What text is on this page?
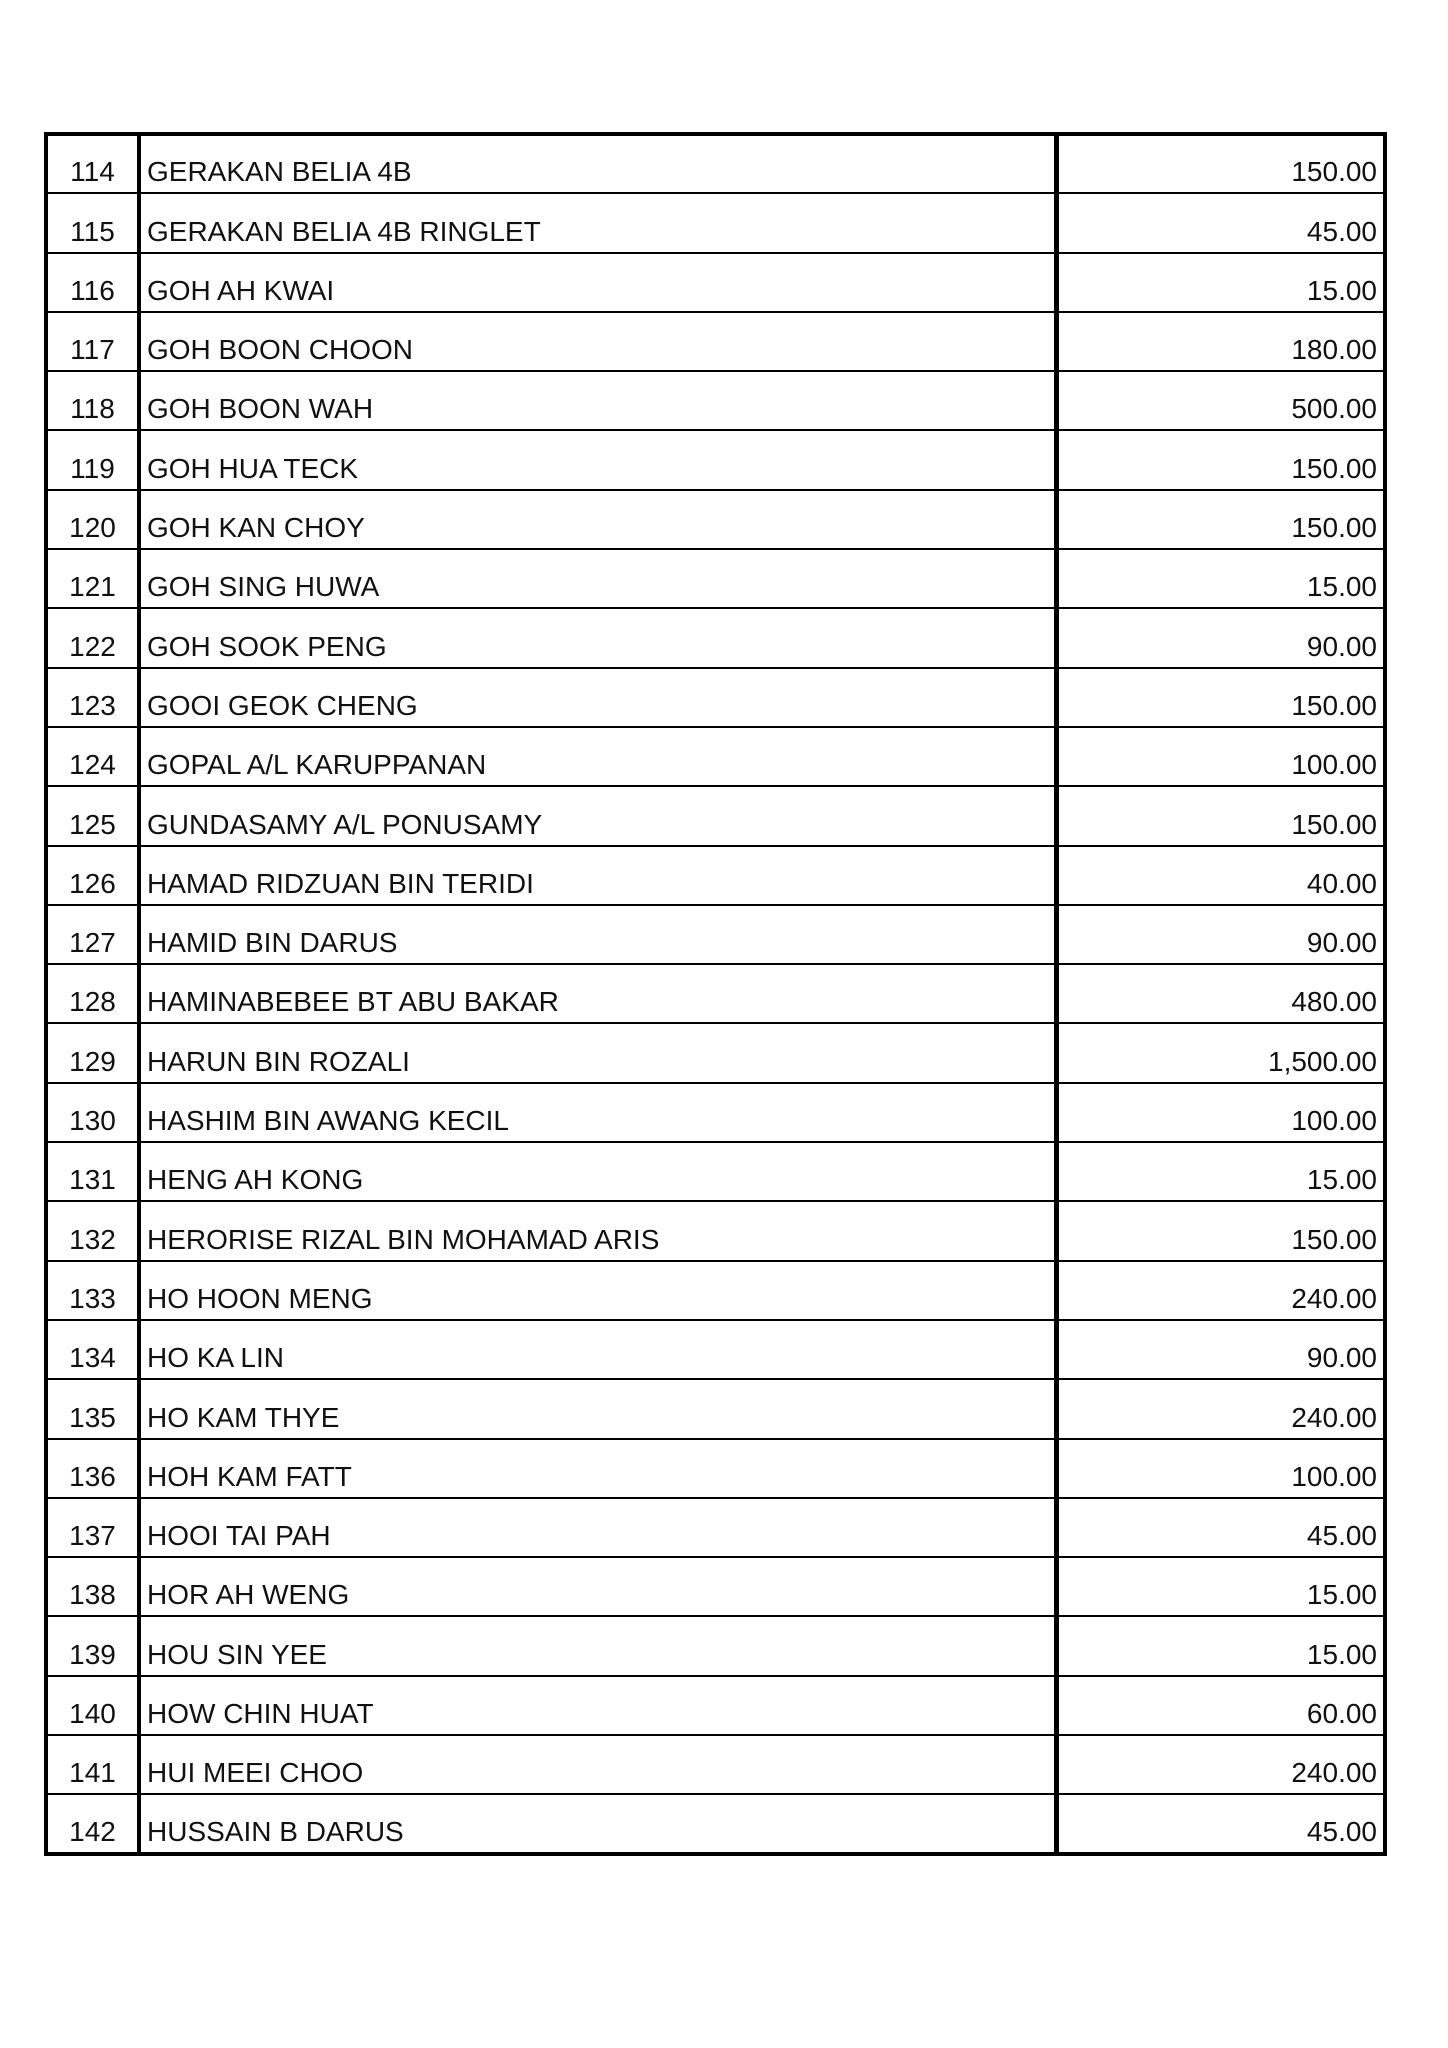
114	GERAKAN BELIA 4B	150.00
115	GERAKAN BELIA 4B RINGLET	45.00
116	GOH AH KWAI	15.00
117	GOH BOON CHOON	180.00
118	GOH BOON WAH	500.00
119	GOH HUA TECK	150.00
120	GOH KAN CHOY	150.00
121	GOH SING HUWA	15.00
122	GOH SOOK PENG	90.00
123	GOOI GEOK CHENG	150.00
124	GOPAL A/L KARUPPANAN	100.00
125	GUNDASAMY A/L PONUSAMY	150.00
126	HAMAD RIDZUAN BIN TERIDI	40.00
127	HAMID BIN DARUS	90.00
128	HAMINABEBEE BT ABU BAKAR	480.00
129	HARUN BIN ROZALI	1,500.00
130	HASHIM BIN AWANG KECIL	100.00
131	HENG AH KONG	15.00
132	HERORISE RIZAL BIN MOHAMAD ARIS	150.00
133	HO HOON MENG	240.00
134	HO KA LIN	90.00
135	HO KAM THYE	240.00
136	HOH KAM FATT	100.00
137	HOOI TAI PAH	45.00
138	HOR AH WENG	15.00
139	HOU SIN YEE	15.00
140	HOW CHIN HUAT	60.00
141	HUI MEEI CHOO	240.00
142	HUSSAIN B DARUS	45.00
